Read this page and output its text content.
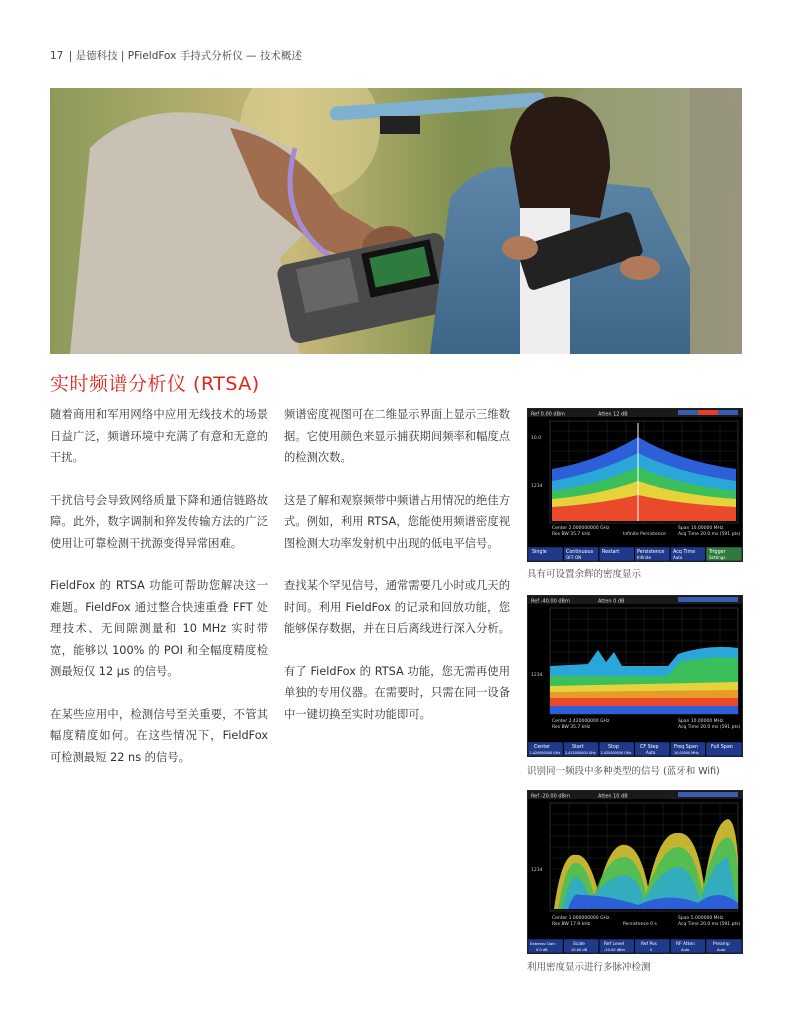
17 | 是德科技 | PFieldFox 手持式分析仪 — 技术概述
实时频谱分析仪 (RTSA)

随着商用和军用网络中应用无线技术的场景日益广泛，频谱环境中充满了有意和无意的干扰。

干扰信号会导致网络质量下降和通信链路故障。此外，数字调制和猝发传输方法的广泛使用让可靠检测干扰源变得异常困难。

FieldFox 的 RTSA 功能可帮助您解决这一难题。FieldFox 通过整合快速重叠 FFT 处理技术、无间隙测量和 10 MHz 实时带宽，能够以 100% 的 POI 和全幅度精度检测最短仅 12 μs 的信号。

在某些应用中，检测信号至关重要，不管其幅度精度如何。在这些情况下，FieldFox 可检测最短 22 ns 的信号。

频谱密度视图可在二维显示界面上显示三维数据。它使用颜色来显示捕获期间频率和幅度点的检测次数。

这是了解和观察频带中频谱占用情况的绝佳方式。例如，利用 RTSA，您能使用频谱密度视图检测大功率发射机中出现的低电平信号。

查找某个罕见信号，通常需要几小时或几天的时间。利用 FieldFox 的记录和回放功能，您能够保存数据，并在日后离线进行深入分析。

有了 FieldFox 的 RTSA 功能，您无需再使用单独的专用仪器。在需要时，只需在同一设备中一键切换至实时功能即可。

Ref 0.00 dBm	Atten 12 dB
10.0
1234
Center 2.000000000 GHz
Res BW 35.7 kHz	Infinite Persistence
Span 10.00000 MHz
Acq Time 20.0 ms (591 pts)
Single	Continuous Restart	Persistence Acq Time	Trigger
OFF ON	Infinite	Auto	Settings
具有可设置余辉的密度显示
Ref -40.00 dBm	Atten 0 dB
1234
Center 2.420000000 GHz
Res BW 35.7 kHz
Span 10.00000 MHz
Acq Time 20.0 ms (591 pts)
Center	Start	Stop	CF Step	Freq Span	Full Span
2.420000000 GHz 2.415000000 GHz 2.425000000 GHz	Auto	10.00000 MHz
识别同一频段中多种类型的信号 (蓝牙和 Wifi)
Ref -20.00 dBm	Atten 10 dB
1234
Center 1.000000000 GHz
Res BW 17.9 kHz	Persistence 0 s
Span 5.000000 MHz
Acq Time 20.0 ms (591 pts)
External Gain	Scale	Ref Level	Ref Pos	RF Atten	Preamp
0.0 dB	10.00 dB	-20.00 dBm	0	Auto	Auto
利用密度显示进行多脉冲检测
